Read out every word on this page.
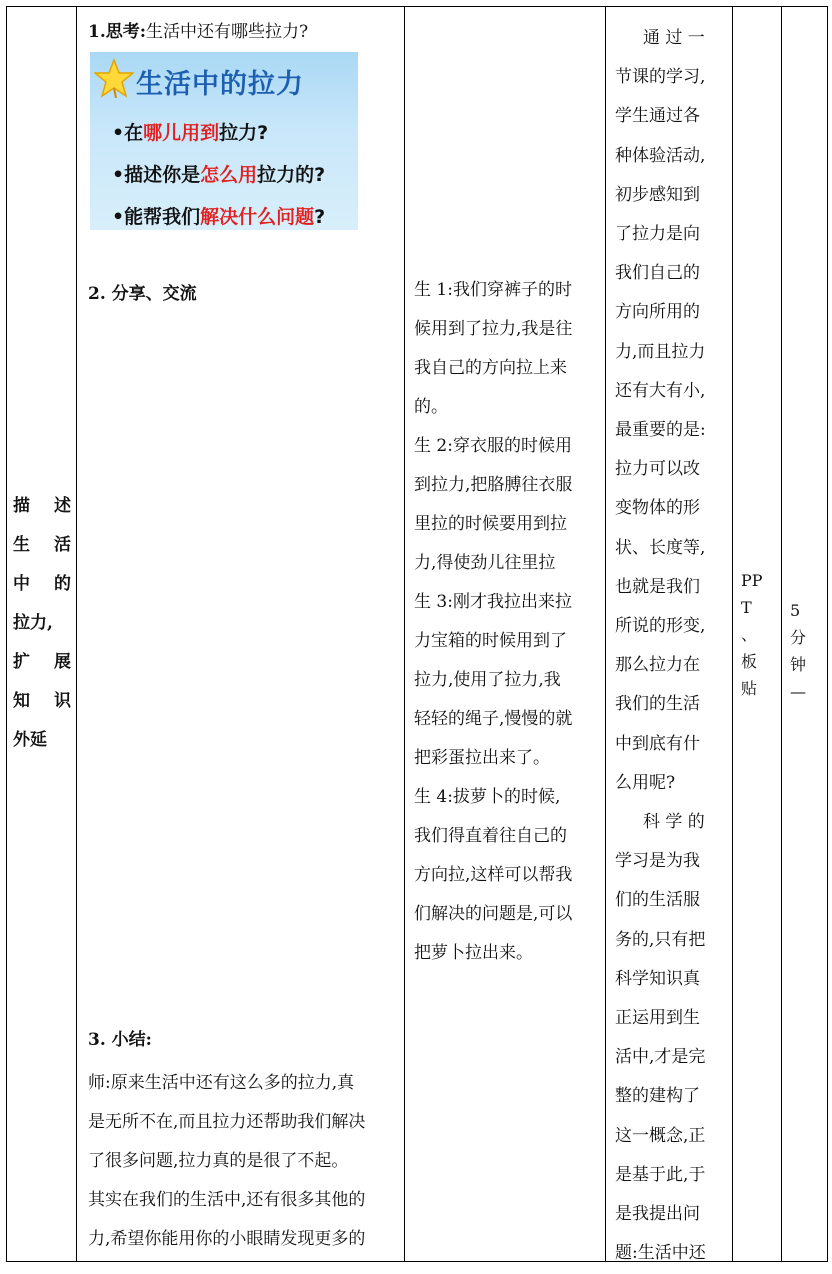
描 述
生 活
中 的
拉力,
扩 展
知 识
外延
1.思考:生活中还有哪些拉力?
生活中的拉力
•在哪儿用到拉力?
•描述你是怎么用拉力的?
•能帮我们解决什么问题?
2. 分享、交流
3. 小结:
师:原来生活中还有这么多的拉力,真
是无所不在,而且拉力还帮助我们解决
了很多问题,拉力真的是很了不起。
其实在我们的生活中,还有很多其他的
力,希望你能用你的小眼睛发现更多的
生 1:我们穿裤子的时
候用到了拉力,我是往
我自己的方向拉上来
的。
生 2:穿衣服的时候用
到拉力,把胳膊往衣服
里拉的时候要用到拉
力,得使劲儿往里拉
生 3:刚才我拉出来拉
力宝箱的时候用到了
拉力,使用了拉力,我
轻轻的绳子,慢慢的就
把彩蛋拉出来了。
生 4:拔萝卜的时候,
我们得直着往自己的
方向拉,这样可以帮我
们解决的问题是,可以
把萝卜拉出来。
通 过 一
节课的学习,
学生通过各
种体验活动,
初步感知到
了拉力是向
我们自己的
方向所用的
力,而且拉力
还有大有小,
最重要的是:
拉力可以改
变物体的形
状、长度等,
也就是我们
所说的形变,
那么拉力在
我们的生活
中到底有什
么用呢?
科 学 的
学习是为我
们的生活服
务的,只有把
科学知识真
正运用到生
活中,才是完
整的建构了
这一概念,正
是基于此,于
是我提出问
题:生活中还
PP
T
、
板
贴
5
分
钟
—
